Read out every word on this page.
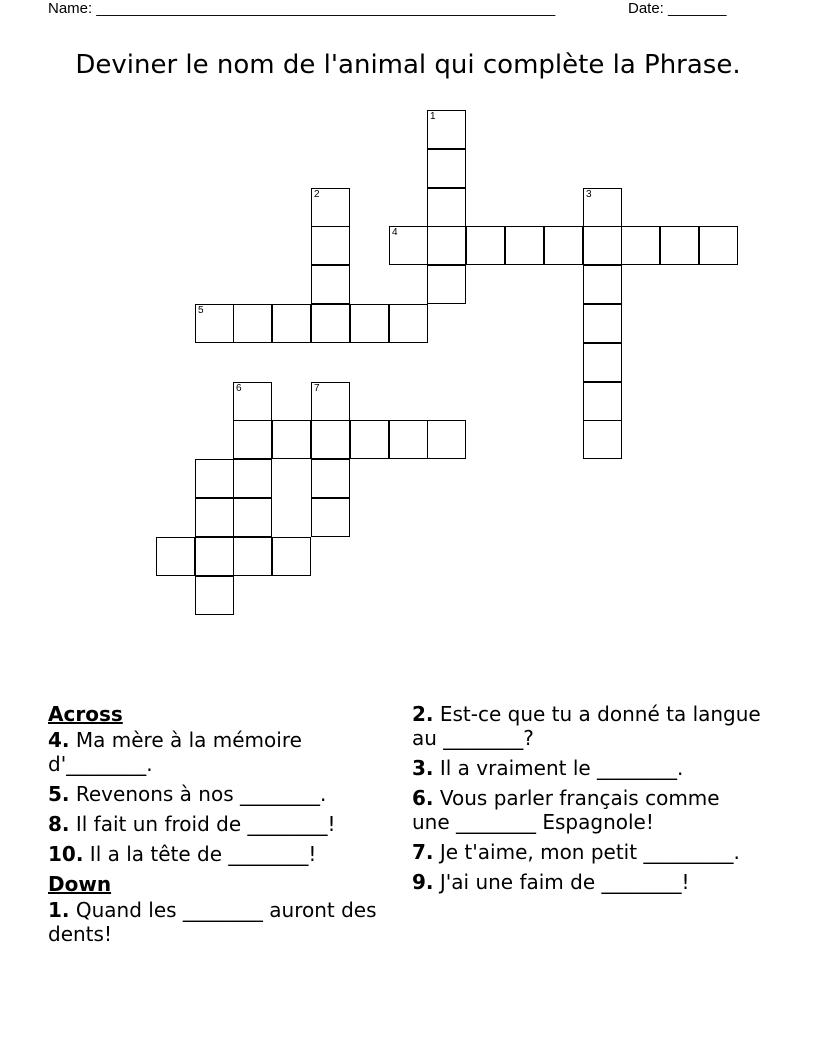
Name: _______________________________________________________

	Date: _______

Deviner le nom de l'animal qui complète la Phrase.
1
2	3
4
5
6	7
Across
4. Ma mère à la mémoire d'________.
5. Revenons à nos ________.
8. Il fait un froid de ________!
10. Il a la tête de ________!
Down
1. Quand les ________ auront des dents!
2. Est-ce que tu a donné ta langue au ________?
3. Il a vraiment le ________.
6. Vous parler français comme une ________ Espagnole!
7. Je t'aime, mon petit _________.
9. J'ai une faim de ________!
